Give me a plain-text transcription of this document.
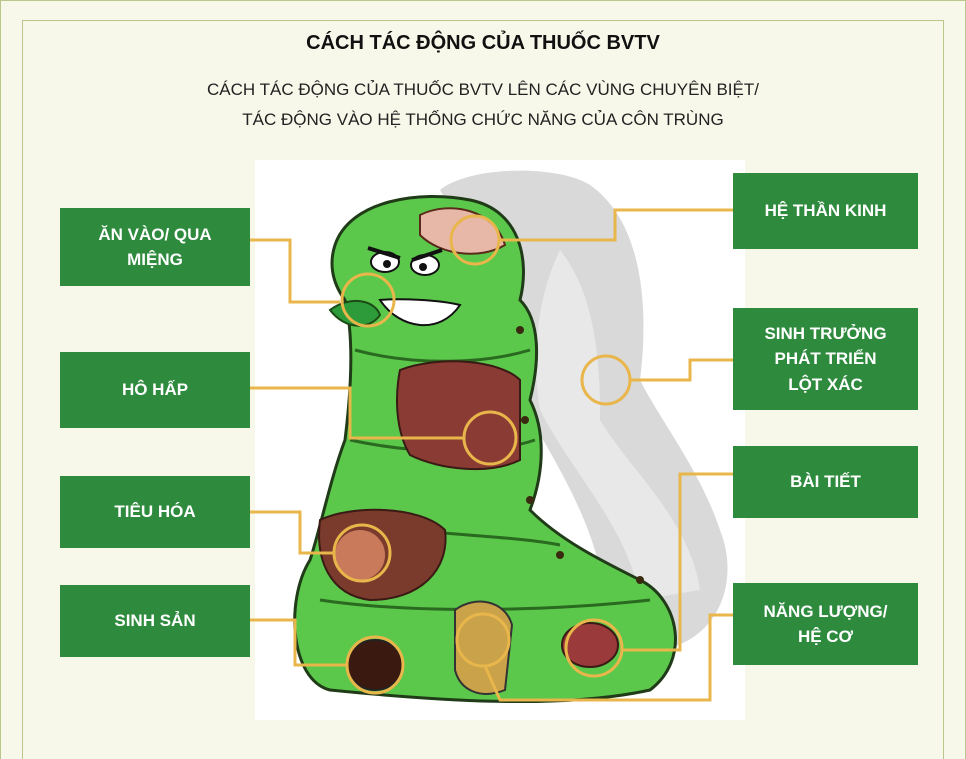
CÁCH TÁC ĐỘNG CỦA THUỐC BVTV
CÁCH TÁC ĐỘNG CỦA THUỐC BVTV LÊN CÁC VÙNG CHUYÊN BIỆT/
TÁC ĐỘNG VÀO HỆ THỐNG CHỨC NĂNG CỦA CÔN TRÙNG
ĂN VÀO/ QUA
MIỆNG
HÔ HẤP
TIÊU HÓA
SINH SẢN
HỆ THẦN KINH
SINH TRƯỞNG
PHÁT TRIỂN
LỘT XÁC
BÀI TIẾT
NĂNG LƯỢNG/
HỆ CƠ
